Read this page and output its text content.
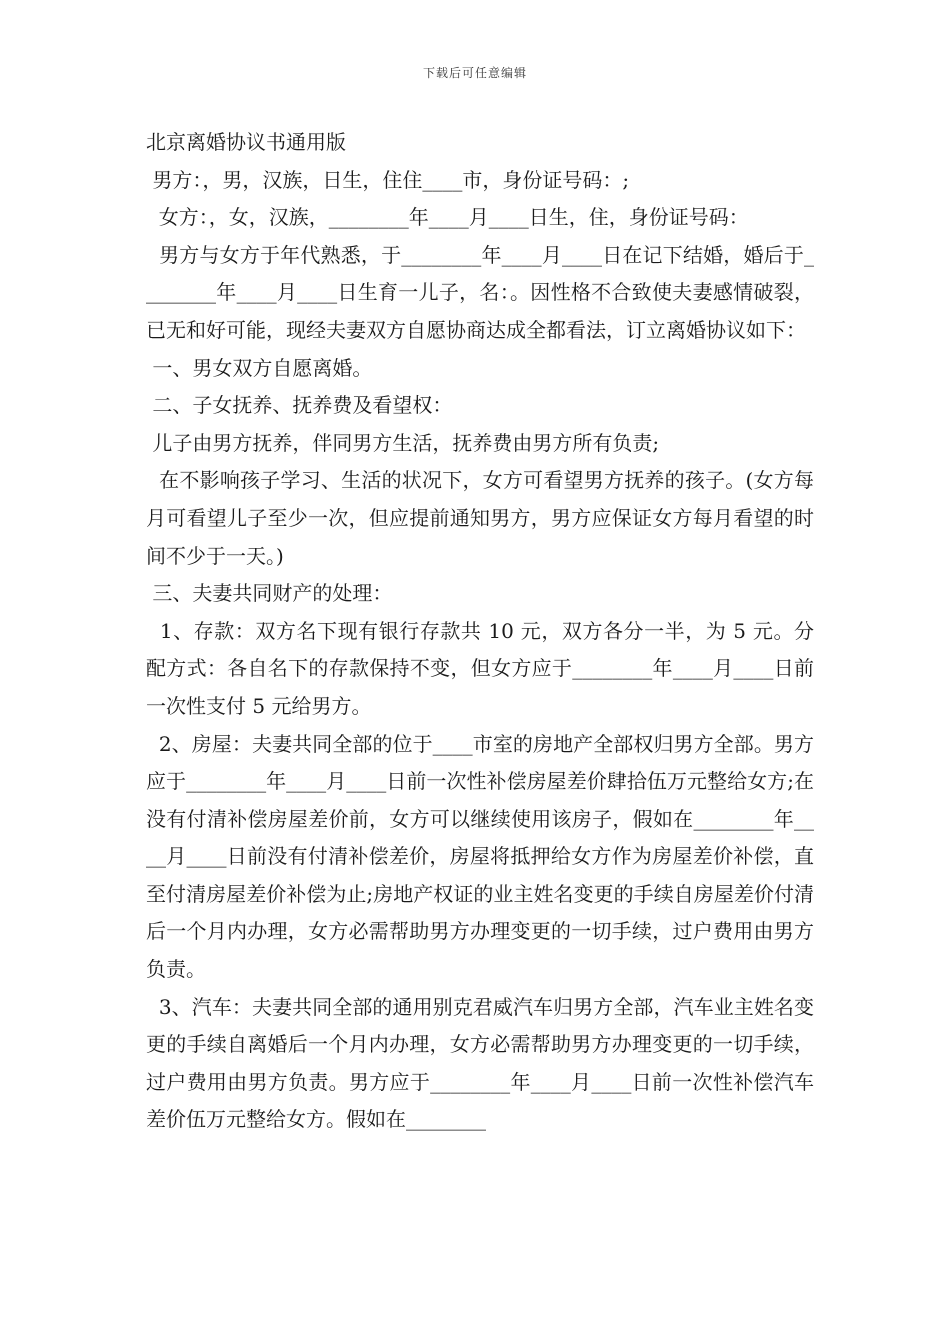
下载后可任意编辑
北京离婚协议书通用版

男方：，男，汉族，日生，住住____市，身份证号码：;

女方：，女，汉族，________年____月____日生，住，身份证号码：

男方与女方于年代熟悉，于________年____月____日在记下结婚，婚后于________年____月____日生育一儿子，名：。因性格不合致使夫妻感情破裂，已无和好可能，现经夫妻双方自愿协商达成全都看法，订立离婚协议如下：

一、男女双方自愿离婚。

二、子女抚养、抚养费及看望权：

儿子由男方抚养，伴同男方生活，抚养费由男方所有负责;

在不影响孩子学习、生活的状况下，女方可看望男方抚养的孩子。(女方每月可看望儿子至少一次，但应提前通知男方，男方应保证女方每月看望的时间不少于一天。)

三、夫妻共同财产的处理：

1、存款：双方名下现有银行存款共 10 元，双方各分一半，为 5 元。分配方式：各自名下的存款保持不变，但女方应于________年____月____日前一次性支付 5 元给男方。

2、房屋：夫妻共同全部的位于____市室的房地产全部权归男方全部。男方应于________年____月____日前一次性补偿房屋差价肆拾伍万元整给女方;在没有付清补偿房屋差价前，女方可以继续使用该房子，假如在________年____月____日前没有付清补偿差价，房屋将抵押给女方作为房屋差价补偿，直至付清房屋差价补偿为止;房地产权证的业主姓名变更的手续自房屋差价付清后一个月内办理，女方必需帮助男方办理变更的一切手续，过户费用由男方负责。

3、汽车：夫妻共同全部的通用别克君威汽车归男方全部，汽车业主姓名变更的手续自离婚后一个月内办理，女方必需帮助男方办理变更的一切手续，过户费用由男方负责。男方应于________年____月____日前一次性补偿汽车差价伍万元整给女方。假如在________
